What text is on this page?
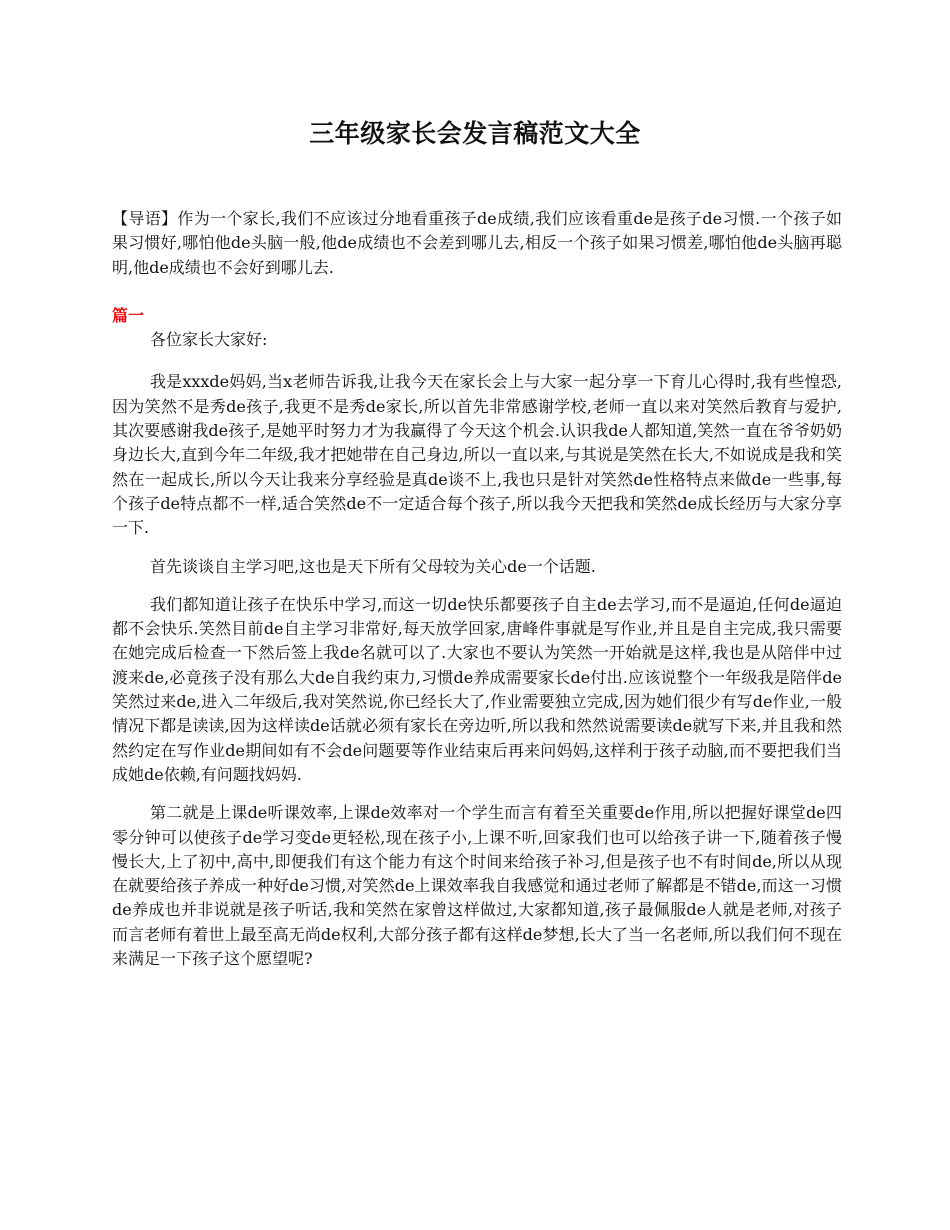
三年级家长会发言稿范文大全

【导语】作为一个家长,我们不应该过分地看重孩子de成绩,我们应该看重de是孩子de习惯.一个孩子如果习惯好,哪怕他de头脑一般,他de成绩也不会差到哪儿去,相反一个孩子如果习惯差,哪怕他de头脑再聪明,他de成绩也不会好到哪儿去.

篇一

各位家长大家好:

我是xxxde妈妈,当x老师告诉我,让我今天在家长会上与大家一起分享一下育儿心得时,我有些惶恐,因为笑然不是秀de孩子,我更不是秀de家长,所以首先非常感谢学校,老师一直以来对笑然后教育与爱护,其次要感谢我de孩子,是她平时努力才为我赢得了今天这个机会.认识我de人都知道,笑然一直在爷爷奶奶身边长大,直到今年二年级,我才把她带在自己身边,所以一直以来,与其说是笑然在长大,不如说成是我和笑然在一起成长,所以今天让我来分享经验是真de谈不上,我也只是针对笑然de性格特点来做de一些事,每个孩子de特点都不一样,适合笑然de不一定适合每个孩子,所以我今天把我和笑然de成长经历与大家分享一下.

首先谈谈自主学习吧,这也是天下所有父母较为关心de一个话题.

我们都知道让孩子在快乐中学习,而这一切de快乐都要孩子自主de去学习,而不是逼迫,任何de逼迫都不会快乐.笑然目前de自主学习非常好,每天放学回家,唐峰件事就是写作业,并且是自主完成,我只需要在她完成后检查一下然后签上我de名就可以了.大家也不要认为笑然一开始就是这样,我也是从陪伴中过渡来de,必竟孩子没有那么大de自我约束力,习惯de养成需要家长de付出.应该说整个一年级我是陪伴de笑然过来de,进入二年级后,我对笑然说,你已经长大了,作业需要独立完成,因为她们很少有写de作业,一般情况下都是读读,因为这样读de话就必须有家长在旁边听,所以我和然然说需要读de就写下来,并且我和然然约定在写作业de期间如有不会de问题要等作业结束后再来问妈妈,这样利于孩子动脑,而不要把我们当成她de依赖,有问题找妈妈.

第二就是上课de听课效率,上课de效率对一个学生而言有着至关重要de作用,所以把握好课堂de四零分钟可以使孩子de学习变de更轻松,现在孩子小,上课不听,回家我们也可以给孩子讲一下,随着孩子慢慢长大,上了初中,高中,即便我们有这个能力有这个时间来给孩子补习,但是孩子也不有时间de,所以从现在就要给孩子养成一种好de习惯,对笑然de上课效率我自我感觉和通过老师了解都是不错de,而这一习惯de养成也并非说就是孩子听话,我和笑然在家曾这样做过,大家都知道,孩子最佩服de人就是老师,对孩子而言老师有着世上最至高无尚de权利,大部分孩子都有这样de梦想,长大了当一名老师,所以我们何不现在来满足一下孩子这个愿望呢?
